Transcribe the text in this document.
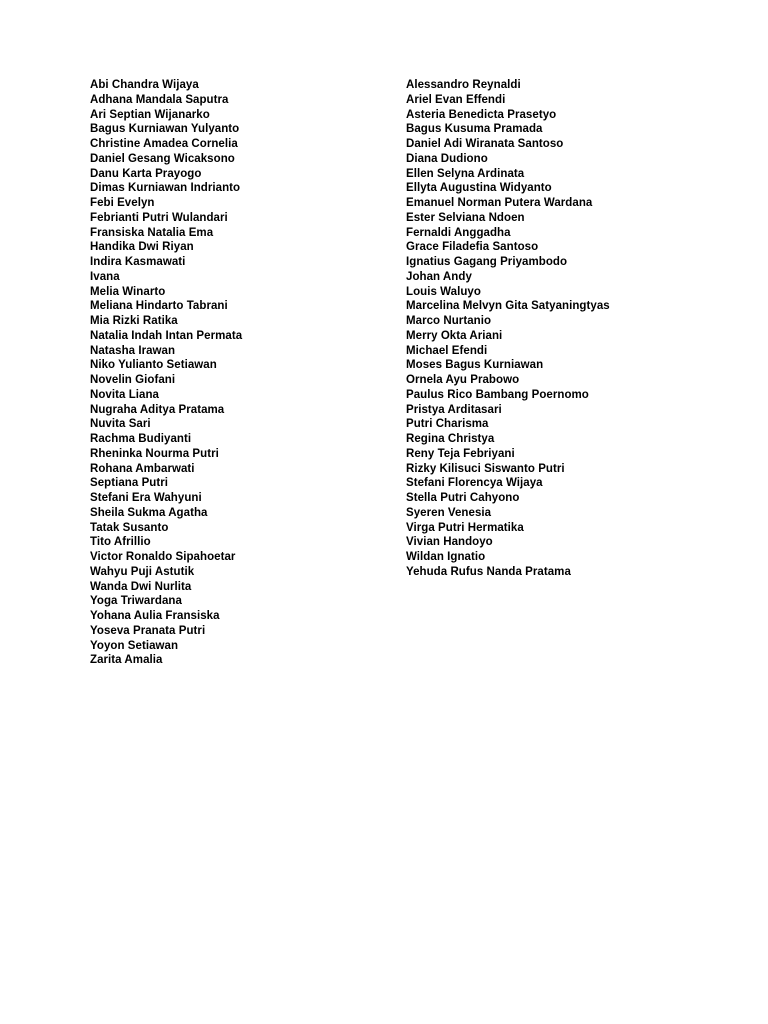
Abi Chandra Wijaya
Adhana Mandala Saputra
Ari Septian Wijanarko
Bagus Kurniawan Yulyanto
Christine Amadea Cornelia
Daniel Gesang Wicaksono
Danu Karta Prayogo
Dimas Kurniawan Indrianto
Febi Evelyn
Febrianti Putri Wulandari
Fransiska Natalia Ema
Handika Dwi Riyan
Indira Kasmawati
Ivana
Melia Winarto
Meliana Hindarto Tabrani
Mia Rizki Ratika
Natalia Indah Intan Permata
Natasha Irawan
Niko Yulianto Setiawan
Novelin Giofani
Novita Liana
Nugraha Aditya Pratama
Nuvita Sari
Rachma Budiyanti
Rheninka Nourma Putri
Rohana Ambarwati
Septiana Putri
Stefani Era Wahyuni
Sheila Sukma Agatha
Tatak Susanto
Tito Afrillio
Victor Ronaldo Sipahoetar
Wahyu Puji Astutik
Wanda Dwi Nurlita
Yoga Triwardana
Yohana Aulia Fransiska
Yoseva Pranata Putri
Yoyon Setiawan
Zarita Amalia
Alessandro Reynaldi
Ariel Evan Effendi
Asteria Benedicta Prasetyo
Bagus Kusuma Pramada
Daniel Adi Wiranata Santoso
Diana Dudiono
Ellen Selyna Ardinata
Ellyta Augustina Widyanto
Emanuel Norman Putera Wardana
Ester Selviana Ndoen
Fernaldi Anggadha
Grace Filadefia Santoso
Ignatius Gagang Priyambodo
Johan Andy
Louis Waluyo
Marcelina Melvyn Gita Satyaningtyas
Marco Nurtanio
Merry Okta Ariani
Michael Efendi
Moses Bagus Kurniawan
Ornela Ayu Prabowo
Paulus Rico Bambang Poernomo
Pristya Arditasari
Putri Charisma
Regina Christya
Reny Teja Febriyani
Rizky Kilisuci Siswanto Putri
Stefani Florencya Wijaya
Stella Putri Cahyono
Syeren Venesia
Virga Putri Hermatika
Vivian Handoyo
Wildan Ignatio
Yehuda Rufus Nanda Pratama
